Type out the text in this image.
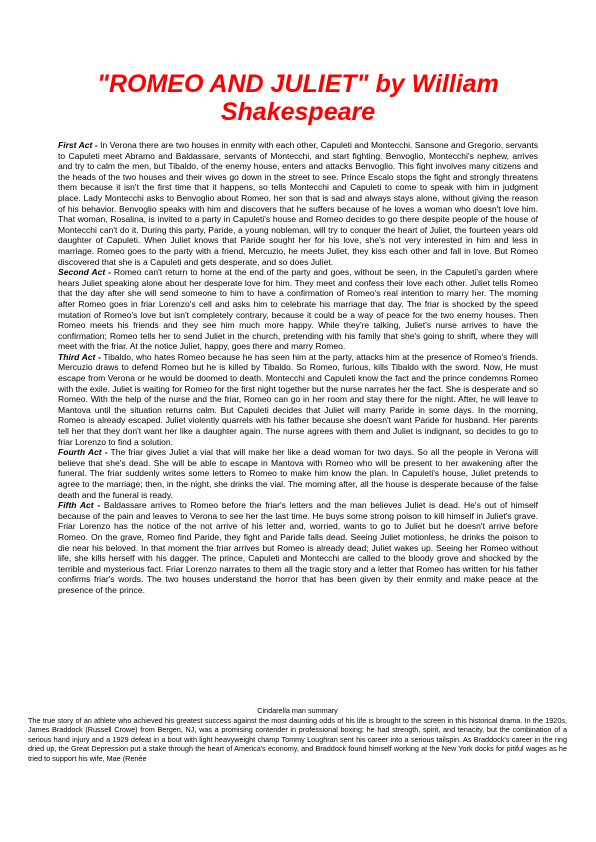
"ROMEO AND JULIET" by William Shakespeare

First Act - In Verona there are two houses in enmity with each other, Capuleti and Montecchi. Sansone and Gregorio, servants to Capuleti meet Abramo and Baldassare, servants of Montecchi, and start fighting. Benvoglio, Montecchi's nephew, arrives and try to calm the men, but Tibaldo, of the enemy house, enters and attacks Benvoglio. This fight involves many citizens and the heads of the two houses and their wives go down in the street to see. Prince Escalo stops the fight and strongly threatens them because it isn't the first time that it happens, so tells Montecchi and Capuleti to come to speak with him in judgment place. Lady Montecchi asks to Benvoglio about Romeo, her son that is sad and always stays alone, without giving the reason of his behavior. Benvoglio speaks with him and discovers that he suffers because of he loves a woman who doesn't love him. That woman, Rosalina, is invited to a party in Capuleti's house and Romeo decides to go there despite people of the house of Montecchi can't do it. During this party, Paride, a young nobleman, will try to conquer the heart of Juliet, the fourteen years old daughter of Capuleti. When Juliet knows that Paride sought her for his love, she's not very interested in him and less in marriage. Romeo goes to the party with a friend, Mercuzio, he meets Juliet, they kiss each other and fall in love. But Romeo discovered that she is a Capuleti and gets desperate, and so does Juliet.

Second Act - Romeo can't return to home at the end of the party and goes, without be seen, in the Capuleti's garden where hears Juliet speaking alone about her desperate love for him. They meet and confess their love each other. Juliet tells Romeo that the day after she will send someone to him to have a confirmation of Romeo's real intention to marry her. The morning after Romeo goes in friar Lorenzo's cell and asks him to celebrate his marriage that day. The friar is shocked by the speed mutation of Romeo's love but isn't completely contrary, because it could be a way of peace for the two enemy houses. Then Romeo meets his friends and they see him much more happy. While they're talking, Juliet's nurse arrives to have the confirmation; Romeo tells her to send Juliet in the church, pretending with his family that she's going to shrift, where they will meet with the friar. At the notice Juliet, happy, goes there and marry Romeo.

Third Act - Tibaldo, who hates Romeo because he has seen him at the party, attacks him at the presence of Romeo's friends. Mercuzio draws to defend Romeo but he is killed by Tibaldo. So Romeo, furious, kills Tibaldo with the sword. Now, He must escape from Verona or he would be doomed to death. Montecchi and Capuleti know the fact and the prince condemns Romeo with the exile. Juliet is waiting for Romeo for the first night together but the nurse narrates her the fact. She is desperate and so Romeo. With the help of the nurse and the friar, Romeo can go in her room and stay there for the night. After, he will leave to Mantova until the situation returns calm. But Capuleti decides that Juliet will marry Paride in some days. In the morning, Romeo is already escaped. Juliet violently quarrels with his father because she doesn't want Paride for husband. Her parents tell her that they don't want her like a daughter again. The nurse agrees with them and Juliet is indignant, so decides to go to friar Lorenzo to find a solution.

Fourth Act - The friar gives Juliet a vial that will make her like a dead woman for two days. So all the people in Verona will believe that she's dead. She will be able to escape in Mantova with Romeo who will be present to her awakening after the funeral. The friar suddenly writes some letters to Romeo to make him know the plan. In Capuleti's house, Juliet pretends to agree to the marriage; then, in the night, she drinks the vial. The morning after, all the house is desperate because of the false death and the funeral is ready.

Fifth Act - Baldassare arrives to Romeo before the friar's letters and the man believes Juliet is dead. He's out of himself because of the pain and leaves to Verona to see her the last time. He buys some strong poison to kill himself in Juliet's grave. Friar Lorenzo has the notice of the not arrive of his letter and, worried, wants to go to Juliet but he doesn't arrive before Romeo. On the grave, Romeo find Paride, they fight and Paride falls dead. Seeing Juliet motionless, he drinks the poison to die near his beloved. In that moment the friar arrives but Romeo is already dead; Juliet wakes up. Seeing her Romeo without life, she kills herself with his dagger. The prince, Capuleti and Montecchi are called to the bloody grove and shocked by the terrible and mysterious fact. Friar Lorenzo narrates to them all the tragic story and a letter that Romeo has written for his father confirms friar's words. The two houses understand the horror that has been given by their enmity and make peace at the presence of the prince.

Cindarella man summary

The true story of an athlete who achieved his greatest success against the most daunting odds of his life is brought to the screen in this historical drama. In the 1920s, James Braddock (Russell Crowe) from Bergen, NJ, was a promising contender in professional boxing; he had strength, spirit, and tenacity, but the combination of a serious hand injury and a 1929 defeat in a bout with light heavyweight champ Tommy Loughran sent his career into a serious tailspin. As Braddock's career in the ring dried up, the Great Depression put a stake through the heart of America's economy, and Braddock found himself working at the New York docks for pitiful wages as he tried to support his wife, Mae (Renée
